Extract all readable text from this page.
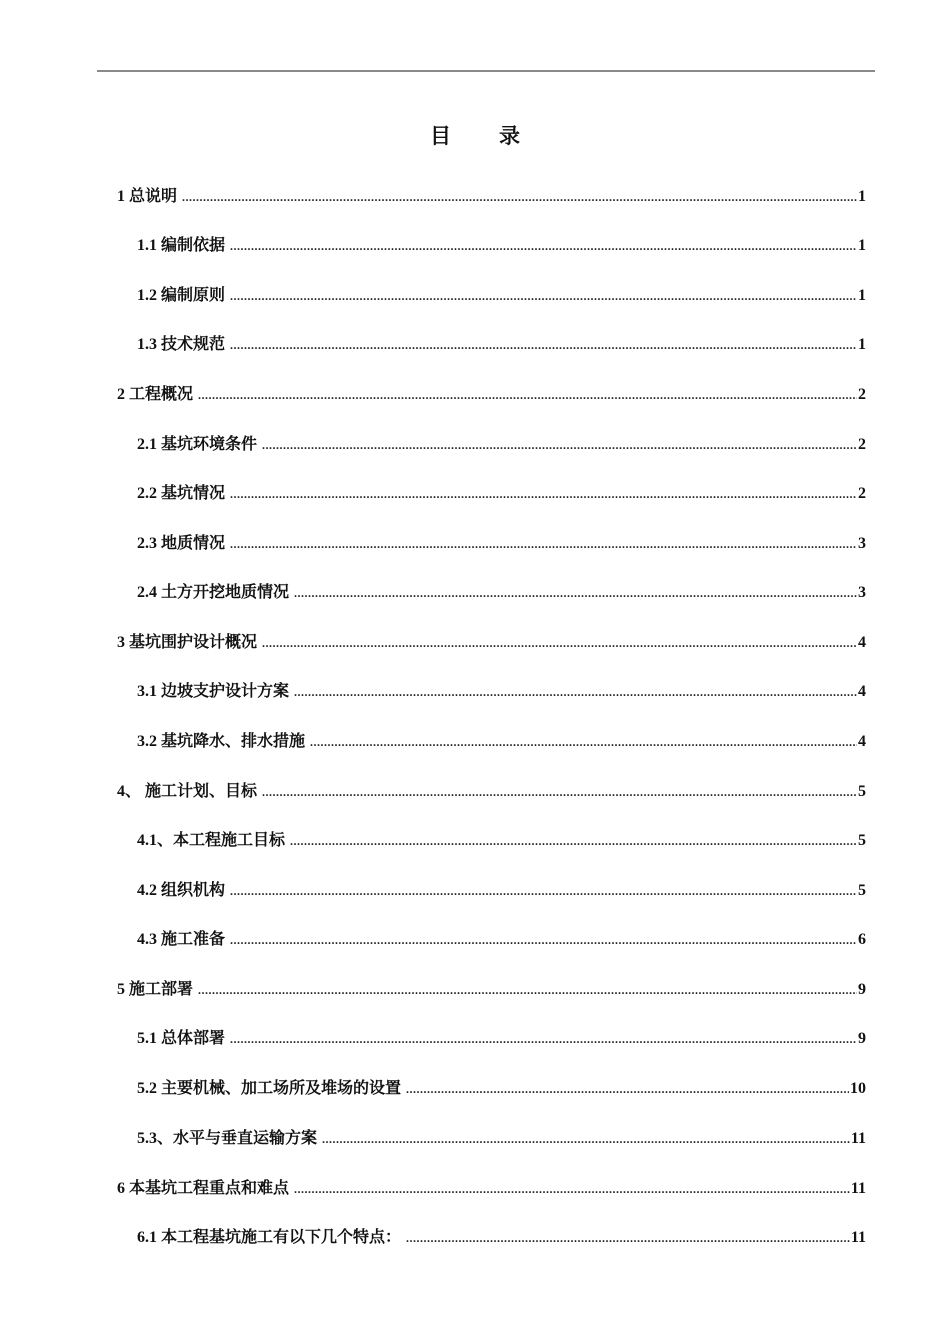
目 录
1 总说明 .....	1
1.1 编制依据 .....	1
1.2 编制原则 .....	1
1.3 技术规范 .....	1
2 工程概况 .....	2
2.1 基坑环境条件 .....	2
2.2 基坑情况 .....	2
2.3 地质情况 .....	3
2.4 土方开挖地质情况 .....	3
3 基坑围护设计概况 .....	4
3.1 边坡支护设计方案 .....	4
3.2 基坑降水、排水措施 .....	4
4、 施工计划、目标 .....	5
4.1、本工程施工目标 .....	5
4.2 组织机构 .....	5
4.3 施工准备 .....	6
5 施工部署 .....	9
5.1 总体部署 .....	9
5.2 主要机械、加工场所及堆场的设置 .....	10
5.3、水平与垂直运输方案 .....	11
6 本基坑工程重点和难点 .....	11
6.1 本工程基坑施工有以下几个特点： .....	11
